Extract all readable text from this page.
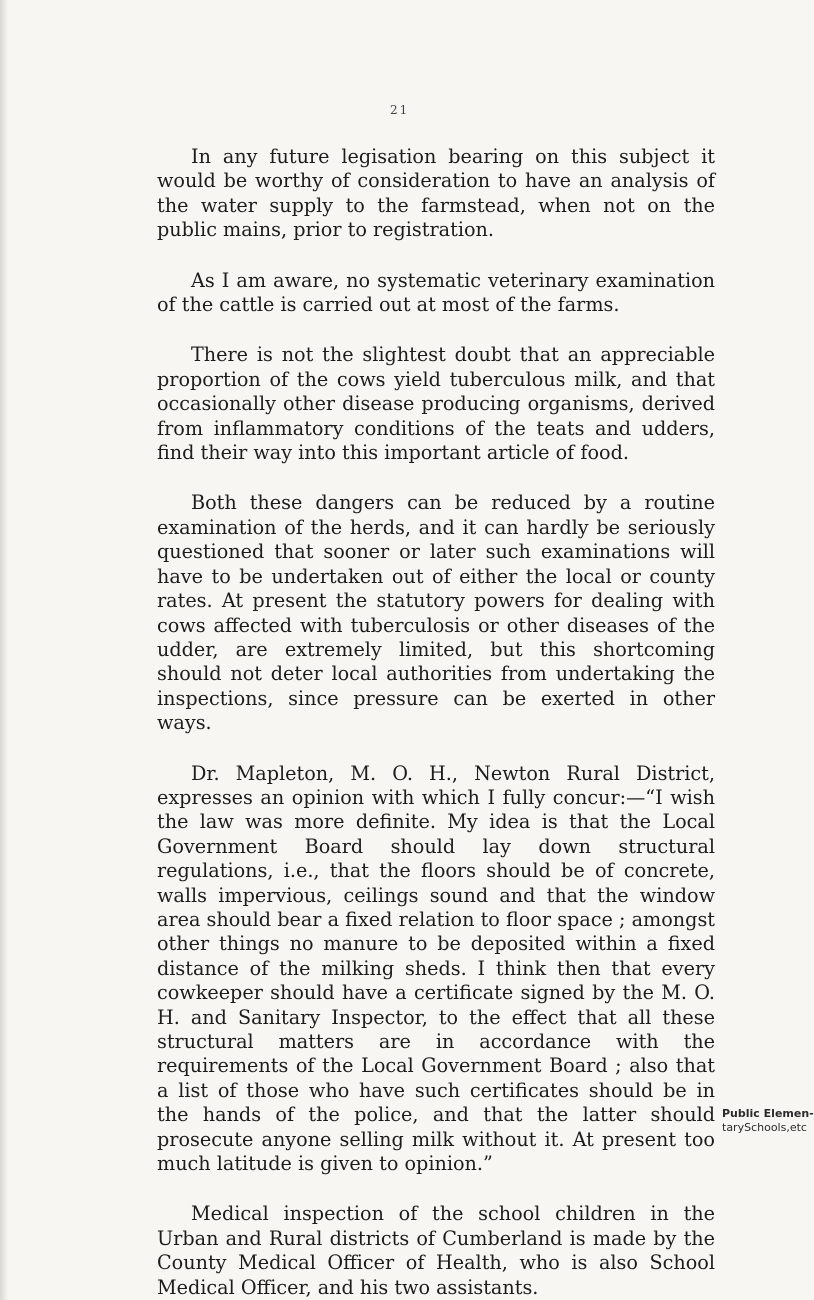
21

In any future legisation bearing on this subject it would be worthy of consideration to have an analysis of the water supply to the farmstead, when not on the public mains, prior to registration.

As I am aware, no systematic veterinary examination of the cattle is carried out at most of the farms.

There is not the slightest doubt that an appreciable proportion of the cows yield tuberculous milk, and that occasionally other disease producing organisms, derived from inflammatory conditions of the teats and udders, find their way into this important article of food.

Both these dangers can be reduced by a routine examination of the herds, and it can hardly be seriously questioned that sooner or later such examinations will have to be undertaken out of either the local or county rates. At present the statutory powers for dealing with cows affected with tuberculosis or other diseases of the udder, are extremely limited, but this shortcoming should not deter local authorities from undertaking the inspections, since pressure can be exerted in other ways.

Dr. Mapleton, M. O. H., Newton Rural District, expresses an opinion with which I fully concur:—“I wish the law was more definite. My idea is that the Local Government Board should lay down structural regulations, i.e., that the floors should be of concrete, walls impervious, ceilings sound and that the window area should bear a fixed relation to floor space ; amongst other things no manure to be deposited within a fixed distance of the milking sheds. I think then that every cowkeeper should have a certificate signed by the M. O. H. and Sanitary Inspector, to the effect that all these structural matters are in accordance with the requirements of the Local Government Board ; also that a list of those who have such certificates should be in the hands of the police, and that the latter should prosecute anyone selling milk without it. At present too much latitude is given to opinion.”

Medical inspection of the school children in the Urban and Rural districts of Cumberland is made by the County Medical Officer of Health, who is also School Medical Officer, and his two assistants.

Public Elemen-
tarySchools,etc
